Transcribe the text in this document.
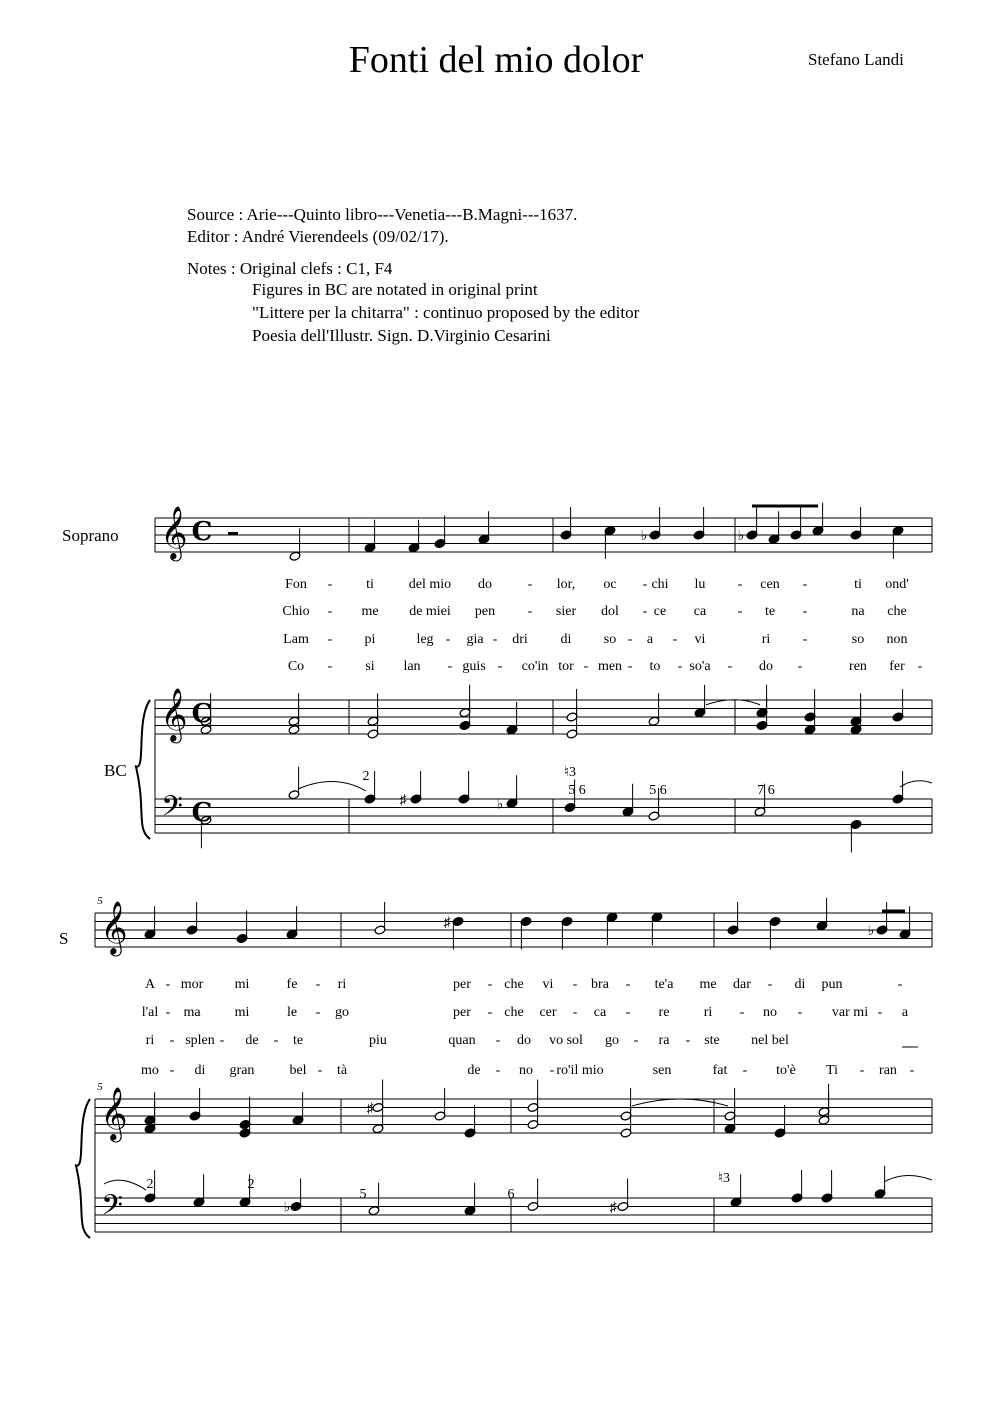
Fonti del mio dolor	Stefano Landi
Source : Arie---Quinto libro---Venetia---B.Magni---1637.
Editor : André Vierendeels (09/02/17).
Notes : Original clefs : C1, F4
Figures in BC are notated in original print
"Littere per la chitarra" : continuo proposed by the editor
Poesia dell'Illustr. Sign. D.Virginio Cesarini
Soprano
BC
S
𝄞
𝄞
𝄢
C
C
C
♭	♭
♯	♭
2	♮3
5 6	5 6	7 6
Fon - ti del mio do	- lor, oc - chi lu - cen -	ti ond'
Chio - me de miei pen - sier dol - ce ca - te -	na che
Lam - pi	leg - gia - dri di so - a - vi	ri -	so non
Co - si lan - guis - co'in tor - men - to - so'a - do -	ren fer -
𝄞
𝄞
𝄢
5
5
♯
♭
♯
♭	♯
2	2
5	6
♮3
A - mor mi	fe - ri	per - che vi - bra - te'a me dar - di pun	-
l'al - ma mi	le - go	per - che cer - ca - re ri - no - var mi - a
ri - splen - de - te	piu	quan - do vo sol go - ra - ste nel bel
mo - di gran	bel - tà	de - no - ro'il mio	sen	fat - to'è Ti - ran -
